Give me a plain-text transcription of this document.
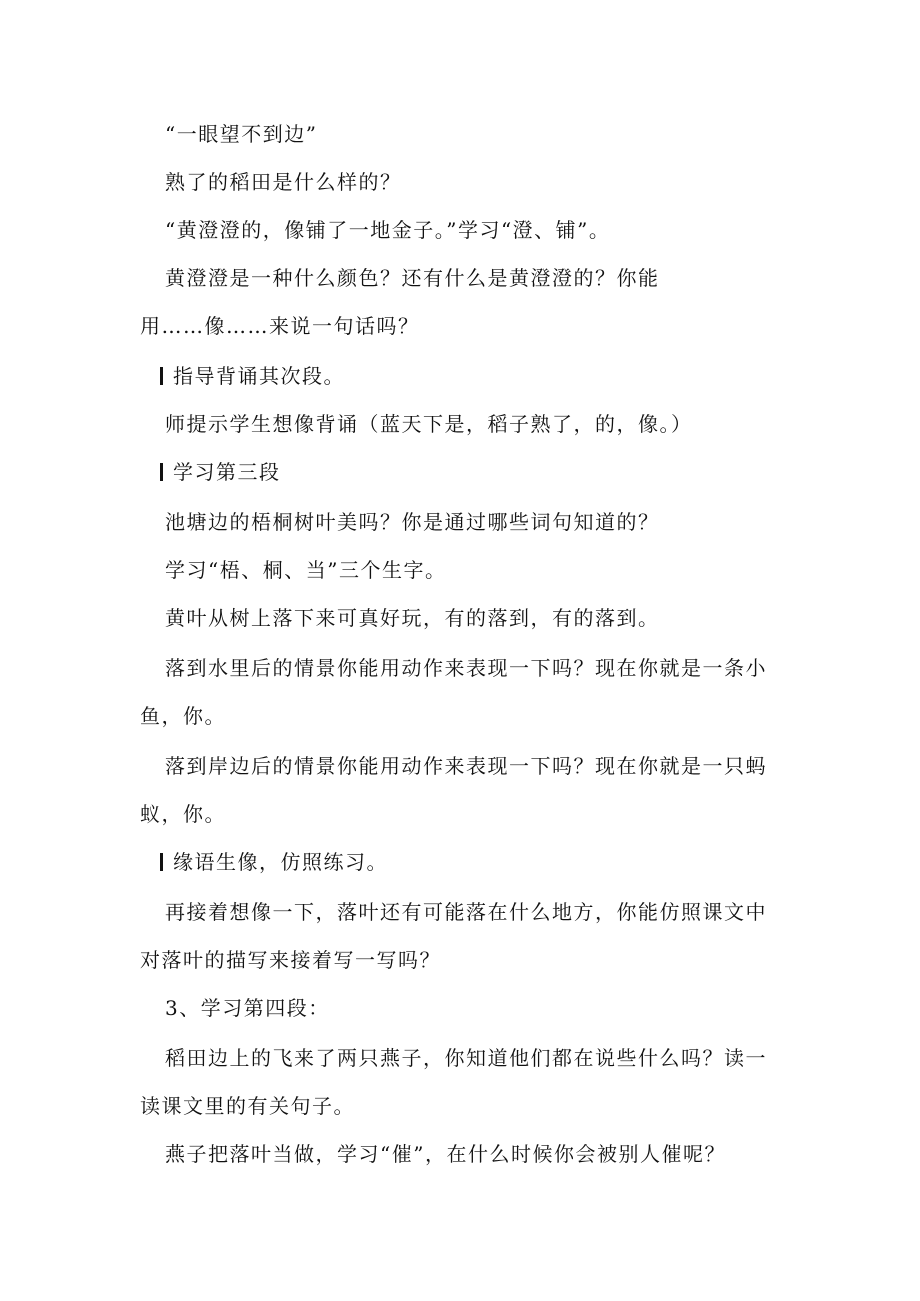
“一眼望不到边”
熟了的稻田是什么样的？
“黄澄澄的，像铺了一地金子。”学习“澄、铺”。
黄澄澄是一种什么颜色？还有什么是黄澄澄的？你能
用……像……来说一句话吗？
指导背诵其次段。
师提示学生想像背诵（蓝天下是，稻子熟了，的，像。）
学习第三段
池塘边的梧桐树叶美吗？你是通过哪些词句知道的？
学习“梧、桐、当”三个生字。
黄叶从树上落下来可真好玩，有的落到，有的落到。
落到水里后的情景你能用动作来表现一下吗？现在你就是一条小
鱼，你。
落到岸边后的情景你能用动作来表现一下吗？现在你就是一只蚂
蚁，你。
缘语生像，仿照练习。
再接着想像一下，落叶还有可能落在什么地方，你能仿照课文中
对落叶的描写来接着写一写吗？
3、学习第四段：
稻田边上的飞来了两只燕子，你知道他们都在说些什么吗？读一
读课文里的有关句子。
燕子把落叶当做，学习“催”，在什么时候你会被别人催呢？
